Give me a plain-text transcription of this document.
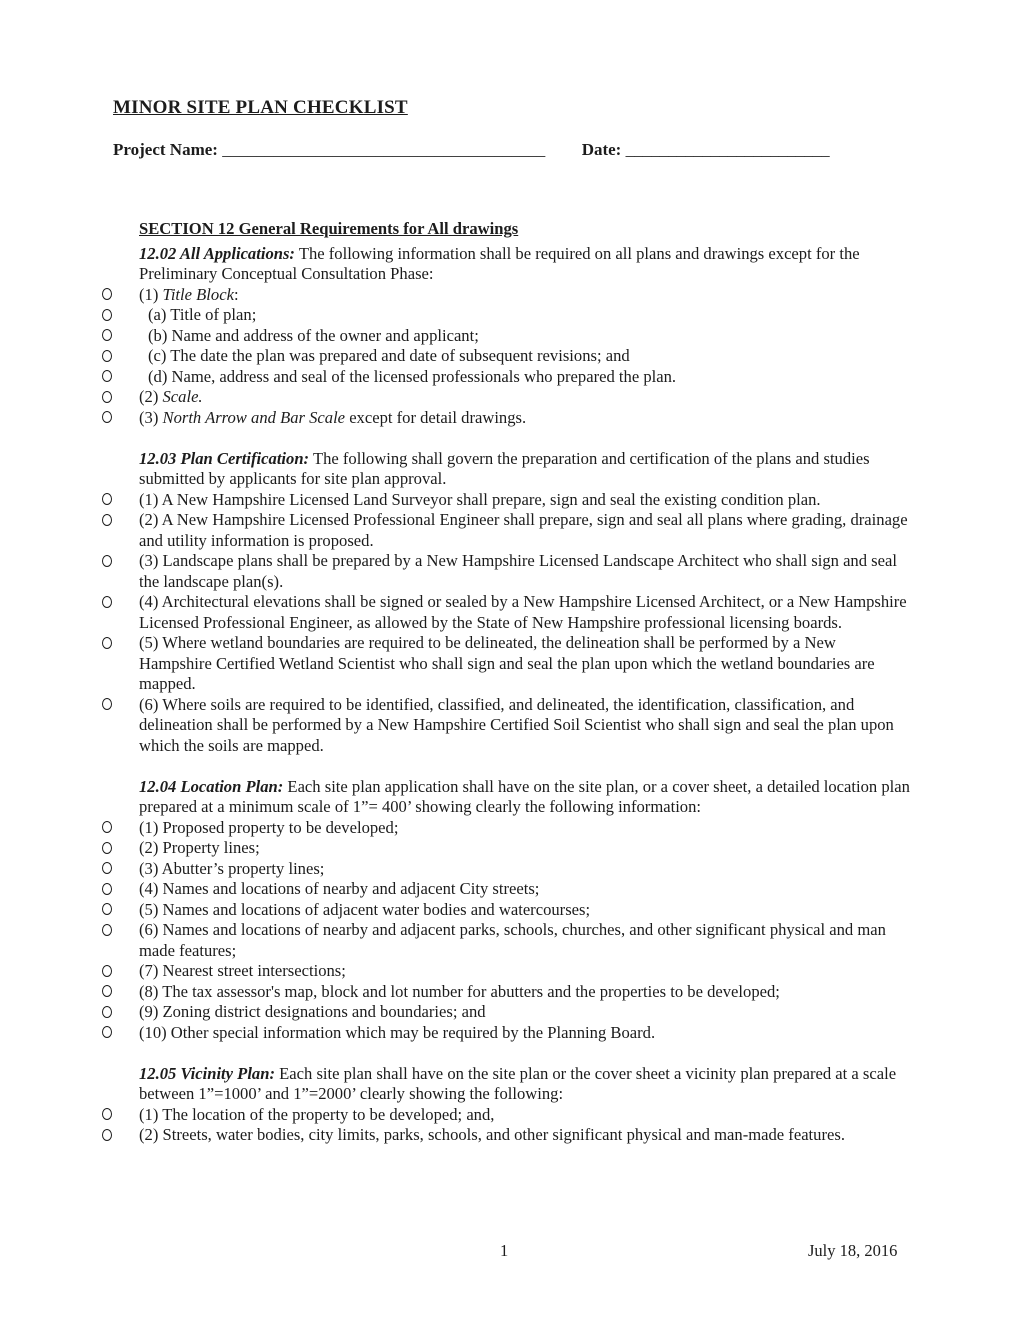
MINOR SITE PLAN CHECKLIST
Project Name: ______________________________________ Date: ________________________
SECTION 12 General Requirements for All drawings
12.02 All Applications: The following information shall be required on all plans and drawings except for the Preliminary Conceptual Consultation Phase:
(1) Title Block:
(a) Title of plan;
(b) Name and address of the owner and applicant;
(c) The date the plan was prepared and date of subsequent revisions; and
(d) Name, address and seal of the licensed professionals who prepared the plan.
(2) Scale.
(3) North Arrow and Bar Scale except for detail drawings.
12.03 Plan Certification: The following shall govern the preparation and certification of the plans and studies submitted by applicants for site plan approval.
(1) A New Hampshire Licensed Land Surveyor shall prepare, sign and seal the existing condition plan.
(2) A New Hampshire Licensed Professional Engineer shall prepare, sign and seal all plans where grading, drainage and utility information is proposed.
(3) Landscape plans shall be prepared by a New Hampshire Licensed Landscape Architect who shall sign and seal the landscape plan(s).
(4) Architectural elevations shall be signed or sealed by a New Hampshire Licensed Architect, or a New Hampshire Licensed Professional Engineer, as allowed by the State of New Hampshire professional licensing boards.
(5) Where wetland boundaries are required to be delineated, the delineation shall be performed by a New Hampshire Certified Wetland Scientist who shall sign and seal the plan upon which the wetland boundaries are mapped.
(6) Where soils are required to be identified, classified, and delineated, the identification, classification, and delineation shall be performed by a New Hampshire Certified Soil Scientist who shall sign and seal the plan upon which the soils are mapped.
12.04 Location Plan: Each site plan application shall have on the site plan, or a cover sheet, a detailed location plan prepared at a minimum scale of 1”= 400’ showing clearly the following information:
(1) Proposed property to be developed;
(2) Property lines;
(3) Abutter’s property lines;
(4) Names and locations of nearby and adjacent City streets;
(5) Names and locations of adjacent water bodies and watercourses;
(6) Names and locations of nearby and adjacent parks, schools, churches, and other significant physical and man made features;
(7) Nearest street intersections;
(8) The tax assessor's map, block and lot number for abutters and the properties to be developed;
(9) Zoning district designations and boundaries; and
(10) Other special information which may be required by the Planning Board.
12.05 Vicinity Plan: Each site plan shall have on the site plan or the cover sheet a vicinity plan prepared at a scale between 1”=1000’ and 1”=2000’ clearly showing the following:
(1) The location of the property to be developed; and,
(2) Streets, water bodies, city limits, parks, schools, and other significant physical and man-made features.
1	July 18, 2016
